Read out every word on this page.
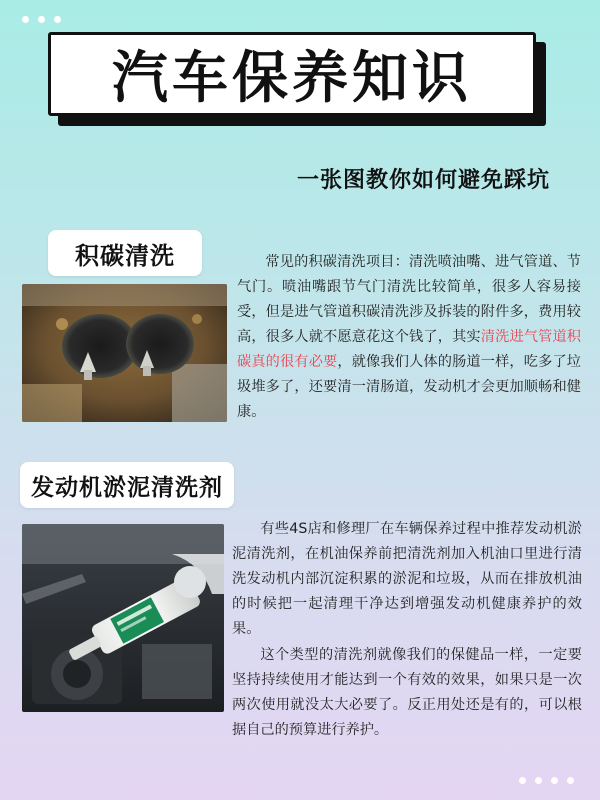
汽车保养知识
一张图教你如何避免踩坑
积碳清洗	常见的积碳清洗项目：清洗喷油嘴、进气管道、节气门。喷油嘴跟节气门清洗比较简单，很多人容易接受，但是进气管道积碳清洗涉及拆装的附件多，费用较高，很多人就不愿意花这个钱了，其实清洗进气管道积碳真的很有必要，就像我们人体的肠道一样，吃多了垃圾堆多了，还要清一清肠道，发动机才会更加顺畅和健康。
发动机淤泥清洗剂
有些4S店和修理厂在车辆保养过程中推荐发动机淤泥清洗剂，在机油保养前把清洗剂加入机油口里进行清洗发动机内部沉淀积累的淤泥和垃圾，从而在排放机油的时候把一起清理干净达到增强发动机健康养护的效果。
这个类型的清洗剂就像我们的保健品一样，一定要坚持持续使用才能达到一个有效的效果，如果只是一次两次使用就没太大必要了。反正用处还是有的，可以根据自己的预算进行养护。
